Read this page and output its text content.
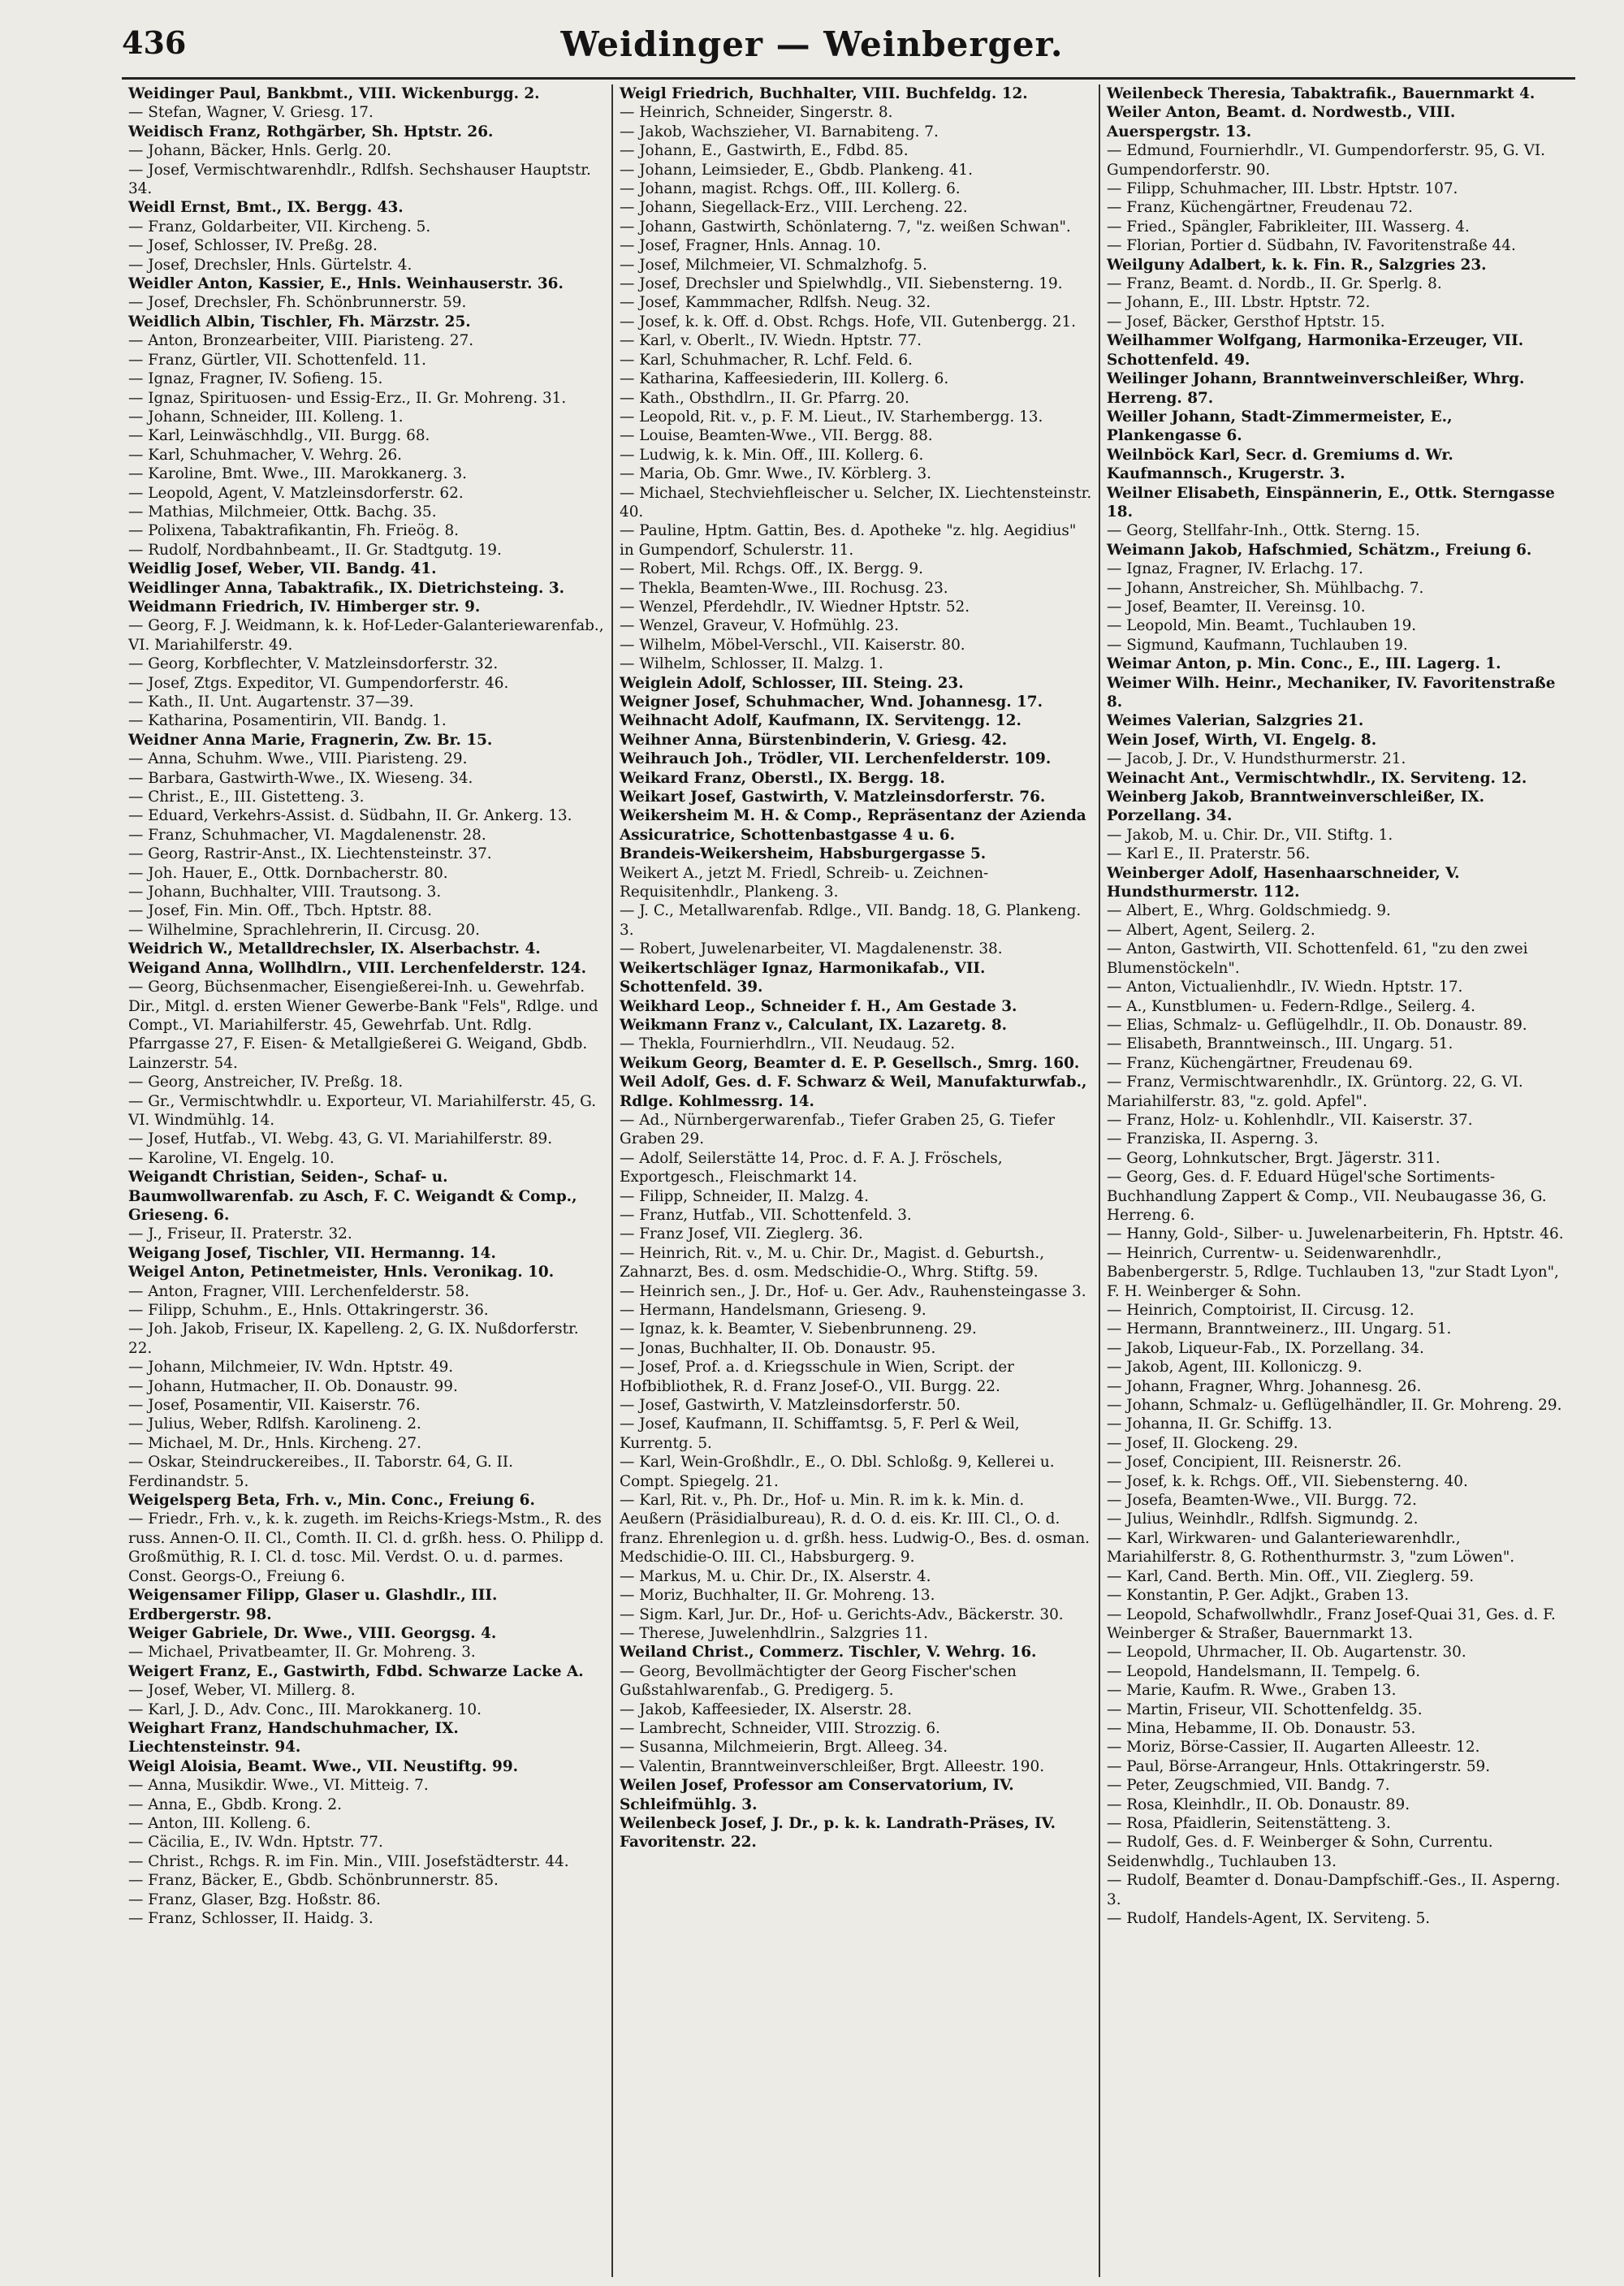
436	Weidinger — Weinberger.

Weidinger Paul, Bankbmt., VIII. Wickenburgg. 2.

— Stefan, Wagner, V. Griesg. 17.

Weidisch Franz, Rothgärber, Sh. Hptstr. 26.

— Johann, Bäcker, Hnls. Gerlg. 20.

— Josef, Vermischtwarenhdlr., Rdlfsh. Sechshauser Hauptstr. 34.

Weidl Ernst, Bmt., IX. Bergg. 43.

— Franz, Goldarbeiter, VII. Kircheng. 5.

— Josef, Schlosser, IV. Preßg. 28.

— Josef, Drechsler, Hnls. Gürtelstr. 4.

Weidler Anton, Kassier, E., Hnls. Weinhauserstr. 36.

— Josef, Drechsler, Fh. Schönbrunnerstr. 59.

Weidlich Albin, Tischler, Fh. Märzstr. 25.

— Anton, Bronzearbeiter, VIII. Piaristeng. 27.

— Franz, Gürtler, VII. Schottenfeld. 11.

— Ignaz, Fragner, IV. Sofieng. 15.

— Ignaz, Spirituosen- und Essig-Erz., II. Gr. Mohreng. 31.

— Johann, Schneider, III. Kolleng. 1.

— Karl, Leinwäschhdlg., VII. Burgg. 68.

— Karl, Schuhmacher, V. Wehrg. 26.

— Karoline, Bmt. Wwe., III. Marokkanerg. 3.

— Leopold, Agent, V. Matzleinsdorferstr. 62.

— Mathias, Milchmeier, Ottk. Bachg. 35.

— Polixena, Tabaktrafikantin, Fh. Frieög. 8.

— Rudolf, Nordbahnbeamt., II. Gr. Stadtgutg. 19.

Weidlig Josef, Weber, VII. Bandg. 41.

Weidlinger Anna, Tabaktrafik., IX. Dietrichsteing. 3.

Weidmann Friedrich, IV. Himberger str. 9.

— Georg, F. J. Weidmann, k. k. Hof-Leder-Galanteriewarenfab., VI. Mariahilferstr. 49.

— Georg, Korbflechter, V. Matzleinsdorferstr. 32.

— Josef, Ztgs. Expeditor, VI. Gumpendorferstr. 46.

— Kath., II. Unt. Augartenstr. 37—39.

— Katharina, Posamentirin, VII. Bandg. 1.

Weidner Anna Marie, Fragnerin, Zw. Br. 15.

— Anna, Schuhm. Wwe., VIII. Piaristeng. 29.

— Barbara, Gastwirth-Wwe., IX. Wieseng. 34.

— Christ., E., III. Gistetteng. 3.

— Eduard, Verkehrs-Assist. d. Südbahn, II. Gr. Ankerg. 13.

— Franz, Schuhmacher, VI. Magdalenenstr. 28.

— Georg, Rastrir-Anst., IX. Liechtensteinstr. 37.

— Joh. Hauer, E., Ottk. Dornbacherstr. 80.

— Johann, Buchhalter, VIII. Trautsong. 3.

— Josef, Fin. Min. Off., Tbch. Hptstr. 88.

— Wilhelmine, Sprachlehrerin, II. Circusg. 20.

Weidrich W., Metalldrechsler, IX. Alserbachstr. 4.

Weigand Anna, Wollhdlrn., VIII. Lerchenfelderstr. 124.

— Georg, Büchsenmacher, Eisengießerei-Inh. u. Gewehrfab. Dir., Mitgl. d. ersten Wiener Gewerbe-Bank "Fels", Rdlge. und Compt., VI. Mariahilferstr. 45, Gewehrfab. Unt. Rdlg. Pfarrgasse 27, F. Eisen- & Metallgießerei G. Weigand, Gbdb. Lainzerstr. 54.

— Georg, Anstreicher, IV. Preßg. 18.

— Gr., Vermischtwhdlr. u. Exporteur, VI. Mariahilferstr. 45, G. VI. Windmühlg. 14.

— Josef, Hutfab., VI. Webg. 43, G. VI. Mariahilferstr. 89.

— Karoline, VI. Engelg. 10.

Weigandt Christian, Seiden-, Schaf- u. Baumwollwarenfab. zu Asch, F. C. Weigandt & Comp., Grieseng. 6.

— J., Friseur, II. Praterstr. 32.

Weigang Josef, Tischler, VII. Hermanng. 14.

Weigel Anton, Petinetmeister, Hnls. Veronikag. 10.

— Anton, Fragner, VIII. Lerchenfelderstr. 58.

— Filipp, Schuhm., E., Hnls. Ottakringerstr. 36.

— Joh. Jakob, Friseur, IX. Kapelleng. 2, G. IX. Nußdorferstr. 22.

— Johann, Milchmeier, IV. Wdn. Hptstr. 49.

— Johann, Hutmacher, II. Ob. Donaustr. 99.

— Josef, Posamentir, VII. Kaiserstr. 76.

— Julius, Weber, Rdlfsh. Karolineng. 2.

— Michael, M. Dr., Hnls. Kircheng. 27.

— Oskar, Steindruckereibes., II. Taborstr. 64, G. II. Ferdinandstr. 5.

Weigelsperg Beta, Frh. v., Min. Conc., Freiung 6.

— Friedr., Frh. v., k. k. zugeth. im Reichs-Kriegs-Mstm., R. des russ. Annen-O. II. Cl., Comth. II. Cl. d. grßh. hess. O. Philipp d. Großmüthig, R. I. Cl. d. tosc. Mil. Verdst. O. u. d. parmes. Const. Georgs-O., Freiung 6.

Weigensamer Filipp, Glaser u. Glashdlr., III. Erdbergerstr. 98.

Weiger Gabriele, Dr. Wwe., VIII. Georgsg. 4.

— Michael, Privatbeamter, II. Gr. Mohreng. 3.

Weigert Franz, E., Gastwirth, Fdbd. Schwarze Lacke A.

— Josef, Weber, VI. Millerg. 8.

— Karl, J. D., Adv. Conc., III. Marokkanerg. 10.

Weighart Franz, Handschuhmacher, IX. Liechtensteinstr. 94.

Weigl Aloisia, Beamt. Wwe., VII. Neustiftg. 99.

— Anna, Musikdir. Wwe., VI. Mitteig. 7.

— Anna, E., Gbdb. Krong. 2.

— Anton, III. Kolleng. 6.

— Cäcilia, E., IV. Wdn. Hptstr. 77.

— Christ., Rchgs. R. im Fin. Min., VIII. Josefstädterstr. 44.

— Franz, Bäcker, E., Gbdb. Schönbrunnerstr. 85.

— Franz, Glaser, Bzg. Hoßstr. 86.

— Franz, Schlosser, II. Haidg. 3.

Weigl Friedrich, Buchhalter, VIII. Buchfeldg. 12.

— Heinrich, Schneider, Singerstr. 8.

— Jakob, Wachszieher, VI. Barnabiteng. 7.

— Johann, E., Gastwirth, E., Fdbd. 85.

— Johann, Leimsieder, E., Gbdb. Plankeng. 41.

— Johann, magist. Rchgs. Off., III. Kollerg. 6.

— Johann, Siegellack-Erz., VIII. Lercheng. 22.

— Johann, Gastwirth, Schönlaterng. 7, "z. weißen Schwan".

— Josef, Fragner, Hnls. Annag. 10.

— Josef, Milchmeier, VI. Schmalzhofg. 5.

— Josef, Drechsler und Spielwhdlg., VII. Siebensterng. 19.

— Josef, Kammmacher, Rdlfsh. Neug. 32.

— Josef, k. k. Off. d. Obst. Rchgs. Hofe, VII. Gutenbergg. 21.

— Karl, v. Oberlt., IV. Wiedn. Hptstr. 77.

— Karl, Schuhmacher, R. Lchf. Feld. 6.

— Katharina, Kaffeesiederin, III. Kollerg. 6.

— Kath., Obsthdlrn., II. Gr. Pfarrg. 20.

— Leopold, Rit. v., p. F. M. Lieut., IV. Starhembergg. 13.

— Louise, Beamten-Wwe., VII. Bergg. 88.

— Ludwig, k. k. Min. Off., III. Kollerg. 6.

— Maria, Ob. Gmr. Wwe., IV. Körblerg. 3.

— Michael, Stechviehfleischer u. Selcher, IX. Liechtensteinstr. 40.

— Pauline, Hptm. Gattin, Bes. d. Apotheke "z. hlg. Aegidius" in Gumpendorf, Schulerstr. 11.

— Robert, Mil. Rchgs. Off., IX. Bergg. 9.

— Thekla, Beamten-Wwe., III. Rochusg. 23.

— Wenzel, Pferdehdlr., IV. Wiedner Hptstr. 52.

— Wenzel, Graveur, V. Hofmühlg. 23.

— Wilhelm, Möbel-Verschl., VII. Kaiserstr. 80.

— Wilhelm, Schlosser, II. Malzg. 1.

Weiglein Adolf, Schlosser, III. Steing. 23.

Weigner Josef, Schuhmacher, Wnd. Johannesg. 17.

Weihnacht Adolf, Kaufmann, IX. Servitengg. 12.

Weihner Anna, Bürstenbinderin, V. Griesg. 42.

Weihrauch Joh., Trödler, VII. Lerchenfelderstr. 109.

Weikard Franz, Oberstl., IX. Bergg. 18.

Weikart Josef, Gastwirth, V. Matzleinsdorferstr. 76.

Weikersheim M. H. & Comp., Repräsentanz der Azienda Assicuratrice, Schottenbastgasse 4 u. 6.

Brandeis-Weikersheim, Habsburgergasse 5.

Weikert A., jetzt M. Friedl, Schreib- u. Zeichnen-Requisitenhdlr., Plankeng. 3.

— J. C., Metallwarenfab. Rdlge., VII. Bandg. 18, G. Plankeng. 3.

— Robert, Juwelenarbeiter, VI. Magdalenenstr. 38.

Weikertschläger Ignaz, Harmonikafab., VII. Schottenfeld. 39.

Weikhard Leop., Schneider f. H., Am Gestade 3.

Weikmann Franz v., Calculant, IX. Lazaretg. 8.

— Thekla, Fournierhdlrn., VII. Neudaug. 52.

Weikum Georg, Beamter d. E. P. Gesellsch., Smrg. 160.

Weil Adolf, Ges. d. F. Schwarz & Weil, Manufakturwfab., Rdlge. Kohlmessrg. 14.

— Ad., Nürnbergerwarenfab., Tiefer Graben 25, G. Tiefer Graben 29.

— Adolf, Seilerstätte 14, Proc. d. F. A. J. Fröschels, Exportgesch., Fleischmarkt 14.

— Filipp, Schneider, II. Malzg. 4.

— Franz, Hutfab., VII. Schottenfeld. 3.

— Franz Josef, VII. Zieglerg. 36.

— Heinrich, Rit. v., M. u. Chir. Dr., Magist. d. Geburtsh., Zahnarzt, Bes. d. osm. Medschidie-O., Whrg. Stiftg. 59.

— Heinrich sen., J. Dr., Hof- u. Ger. Adv., Rauhensteingasse 3.

— Hermann, Handelsmann, Grieseng. 9.

— Ignaz, k. k. Beamter, V. Siebenbrunneng. 29.

— Jonas, Buchhalter, II. Ob. Donaustr. 95.

— Josef, Prof. a. d. Kriegsschule in Wien, Script. der Hofbibliothek, R. d. Franz Josef-O., VII. Burgg. 22.

— Josef, Gastwirth, V. Matzleinsdorferstr. 50.

— Josef, Kaufmann, II. Schiffamtsg. 5, F. Perl & Weil, Kurrentg. 5.

— Karl, Wein-Großhdlr., E., O. Dbl. Schloßg. 9, Kellerei u. Compt. Spiegelg. 21.

— Karl, Rit. v., Ph. Dr., Hof- u. Min. R. im k. k. Min. d. Aeußern (Präsidialbureau), R. d. O. d. eis. Kr. III. Cl., O. d. franz. Ehrenlegion u. d. grßh. hess. Ludwig-O., Bes. d. osman. Medschidie-O. III. Cl., Habsburgerg. 9.

— Markus, M. u. Chir. Dr., IX. Alserstr. 4.

— Moriz, Buchhalter, II. Gr. Mohreng. 13.

— Sigm. Karl, Jur. Dr., Hof- u. Gerichts-Adv., Bäckerstr. 30.

— Therese, Juwelenhdlrin., Salzgries 11.

Weiland Christ., Commerz. Tischler, V. Wehrg. 16.

— Georg, Bevollmächtigter der Georg Fischer'schen Gußstahlwarenfab., G. Predigerg. 5.

— Jakob, Kaffeesieder, IX. Alserstr. 28.

— Lambrecht, Schneider, VIII. Strozzig. 6.

— Susanna, Milchmeierin, Brgt. Alleeg. 34.

— Valentin, Branntweinverschleißer, Brgt. Alleestr. 190.

Weilen Josef, Professor am Conservatorium, IV. Schleifmühlg. 3.

Weilenbeck Josef, J. Dr., p. k. k. Landrath-Präses, IV. Favoritenstr. 22.

Weilenbeck Theresia, Tabaktrafik., Bauernmarkt 4.

Weiler Anton, Beamt. d. Nordwestb., VIII. Auerspergstr. 13.

— Edmund, Fournierhdlr., VI. Gumpendorferstr. 95, G. VI. Gumpendorferstr. 90.

— Filipp, Schuhmacher, III. Lbstr. Hptstr. 107.

— Franz, Küchengärtner, Freudenau 72.

— Fried., Spängler, Fabrikleiter, III. Wasserg. 4.

— Florian, Portier d. Südbahn, IV. Favoritenstraße 44.

Weilguny Adalbert, k. k. Fin. R., Salzgries 23.

— Franz, Beamt. d. Nordb., II. Gr. Sperlg. 8.

— Johann, E., III. Lbstr. Hptstr. 72.

— Josef, Bäcker, Gersthof Hptstr. 15.

Weilhammer Wolfgang, Harmonika-Erzeuger, VII. Schottenfeld. 49.

Weilinger Johann, Branntweinverschleißer, Whrg. Herreng. 87.

Weiller Johann, Stadt-Zimmermeister, E., Plankengasse 6.

Weilnböck Karl, Secr. d. Gremiums d. Wr. Kaufmannsch., Krugerstr. 3.

Weilner Elisabeth, Einspännerin, E., Ottk. Sterngasse 18.

— Georg, Stellfahr-Inh., Ottk. Sterng. 15.

Weimann Jakob, Hafschmied, Schätzm., Freiung 6.

— Ignaz, Fragner, IV. Erlachg. 17.

— Johann, Anstreicher, Sh. Mühlbachg. 7.

— Josef, Beamter, II. Vereinsg. 10.

— Leopold, Min. Beamt., Tuchlauben 19.

— Sigmund, Kaufmann, Tuchlauben 19.

Weimar Anton, p. Min. Conc., E., III. Lagerg. 1.

Weimer Wilh. Heinr., Mechaniker, IV. Favoritenstraße 8.

Weimes Valerian, Salzgries 21.

Wein Josef, Wirth, VI. Engelg. 8.

— Jacob, J. Dr., V. Hundsthurmerstr. 21.

Weinacht Ant., Vermischtwhdlr., IX. Serviteng. 12.

Weinberg Jakob, Branntweinverschleißer, IX. Porzellang. 34.

— Jakob, M. u. Chir. Dr., VII. Stiftg. 1.

— Karl E., II. Praterstr. 56.

Weinberger Adolf, Hasenhaarschneider, V. Hundsthurmerstr. 112.

— Albert, E., Whrg. Goldschmiedg. 9.

— Albert, Agent, Seilerg. 2.

— Anton, Gastwirth, VII. Schottenfeld. 61, "zu den zwei Blumenstöckeln".

— Anton, Victualienhdlr., IV. Wiedn. Hptstr. 17.

— A., Kunstblumen- u. Federn-Rdlge., Seilerg. 4.

— Elias, Schmalz- u. Geflügelhdlr., II. Ob. Donaustr. 89.

— Elisabeth, Branntweinsch., III. Ungarg. 51.

— Franz, Küchengärtner, Freudenau 69.

— Franz, Vermischtwarenhdlr., IX. Grüntorg. 22, G. VI. Mariahilferstr. 83, "z. gold. Apfel".

— Franz, Holz- u. Kohlenhdlr., VII. Kaiserstr. 37.

— Franziska, II. Asperng. 3.

— Georg, Lohnkutscher, Brgt. Jägerstr. 311.

— Georg, Ges. d. F. Eduard Hügel'sche Sortiments-Buchhandlung Zappert & Comp., VII. Neubaugasse 36, G. Herreng. 6.

— Hanny, Gold-, Silber- u. Juwelenarbeiterin, Fh. Hptstr. 46.

— Heinrich, Currentw- u. Seidenwarenhdlr., Babenbergerstr. 5, Rdlge. Tuchlauben 13, "zur Stadt Lyon", F. H. Weinberger & Sohn.

— Heinrich, Comptoirist, II. Circusg. 12.

— Hermann, Branntweinerz., III. Ungarg. 51.

— Jakob, Liqueur-Fab., IX. Porzellang. 34.

— Jakob, Agent, III. Kolloniczg. 9.

— Johann, Fragner, Whrg. Johannesg. 26.

— Johann, Schmalz- u. Geflügelhändler, II. Gr. Mohreng. 29.

— Johanna, II. Gr. Schiffg. 13.

— Josef, II. Glockeng. 29.

— Josef, Concipient, III. Reisnerstr. 26.

— Josef, k. k. Rchgs. Off., VII. Siebensterng. 40.

— Josefa, Beamten-Wwe., VII. Burgg. 72.

— Julius, Weinhdlr., Rdlfsh. Sigmundg. 2.

— Karl, Wirkwaren- und Galanteriewarenhdlr., Mariahilferstr. 8, G. Rothenthurmstr. 3, "zum Löwen".

— Karl, Cand. Berth. Min. Off., VII. Zieglerg. 59.

— Konstantin, P. Ger. Adjkt., Graben 13.

— Leopold, Schafwollwhdlr., Franz Josef-Quai 31, Ges. d. F. Weinberger & Straßer, Bauernmarkt 13.

— Leopold, Uhrmacher, II. Ob. Augartenstr. 30.

— Leopold, Handelsmann, II. Tempelg. 6.

— Marie, Kaufm. R. Wwe., Graben 13.

— Martin, Friseur, VII. Schottenfeldg. 35.

— Mina, Hebamme, II. Ob. Donaustr. 53.

— Moriz, Börse-Cassier, II. Augarten Alleestr. 12.

— Paul, Börse-Arrangeur, Hnls. Ottakringerstr. 59.

— Peter, Zeugschmied, VII. Bandg. 7.

— Rosa, Kleinhdlr., II. Ob. Donaustr. 89.

— Rosa, Pfaidlerin, Seitenstätteng. 3.

— Rudolf, Ges. d. F. Weinberger & Sohn, Currentu. Seidenwhdlg., Tuchlauben 13.

— Rudolf, Beamter d. Donau-Dampfschiff.-Ges., II. Asperng. 3.

— Rudolf, Handels-Agent, IX. Serviteng. 5.
